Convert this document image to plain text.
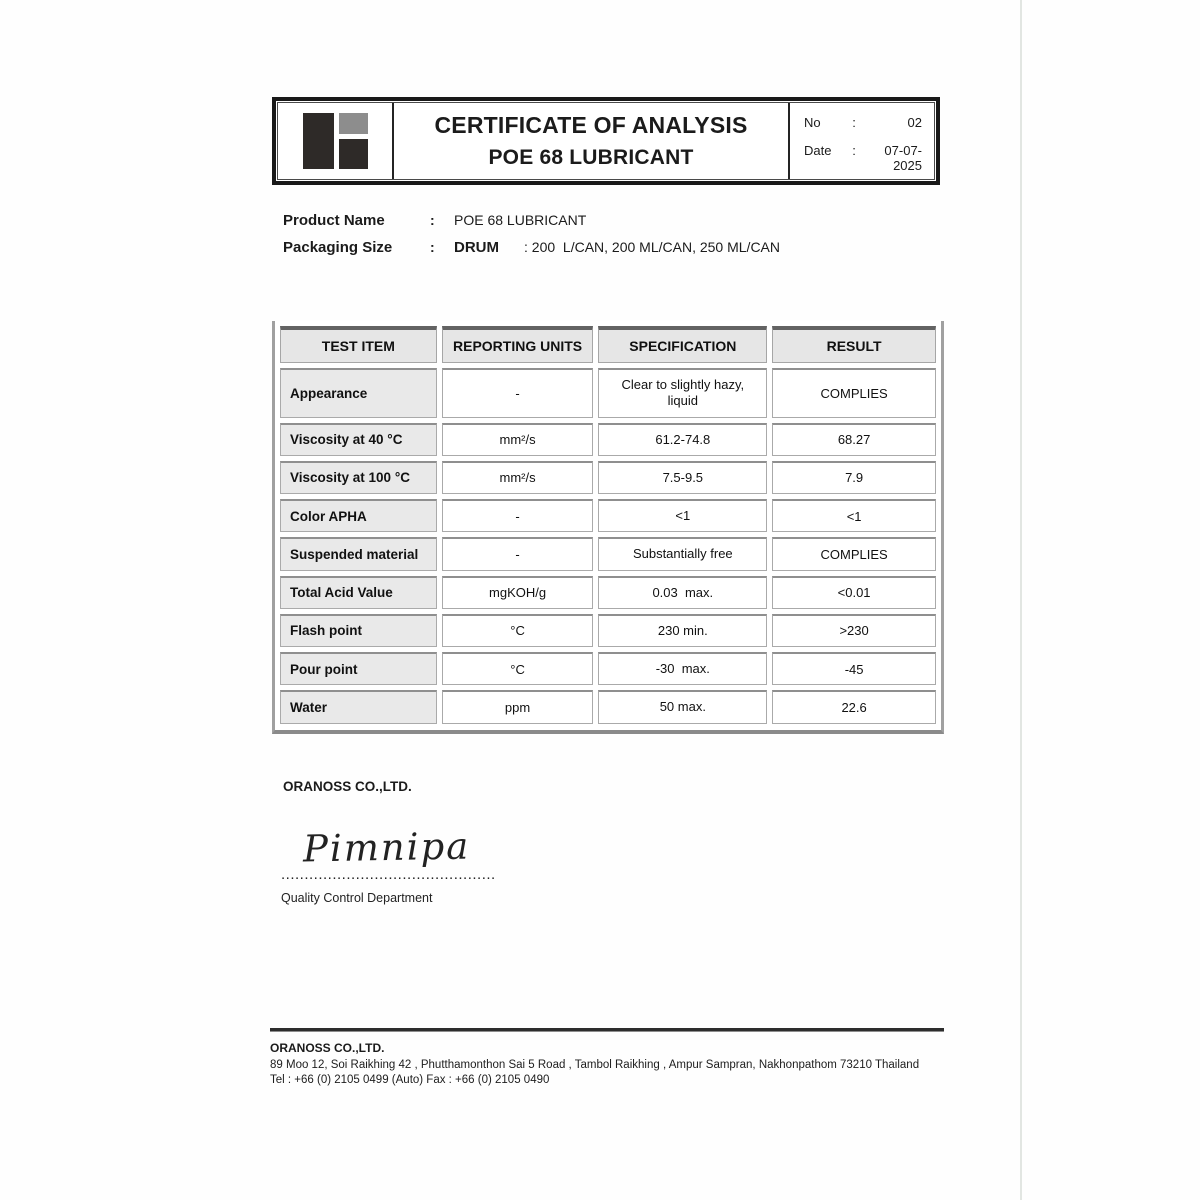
CERTIFICATE OF ANALYSIS
POE 68 LUBRICANT
No	:	02
Date	:	07-07-2025
Product Name	:	POE 68 LUBRICANT
Packaging Size	:	DRUM : 200  L/CAN, 200 ML/CAN, 250 ML/CAN
TEST ITEM	REPORTING UNITS	SPECIFICATION	RESULT
Appearance	-	Clear to slightly hazy, liquid	COMPLIES
Viscosity at 40 °C	mm²/s	61.2-74.8	68.27
Viscosity at 100 °C	mm²/s	7.5-9.5	7.9
Color APHA	-	<1	<1
Suspended material	-	Substantially free	COMPLIES
Total Acid Value	mgKOH/g	0.03  max.	<0.01
Flash point	°C	230 min.	>230
Pour point	°C	-30  max.	-45
Water	ppm	50 max.	22.6
ORANOSS CO.,LTD.
Pimnipa
..............................................
Quality Control Department
ORANOSS CO.,LTD.
89 Moo 12, Soi Raikhing 42 , Phutthamonthon Sai 5 Road , Tambol Raikhing , Ampur Sampran, Nakhonpathom 73210 Thailand
Tel : +66 (0) 2105 0499 (Auto) Fax : +66 (0) 2105 0490
